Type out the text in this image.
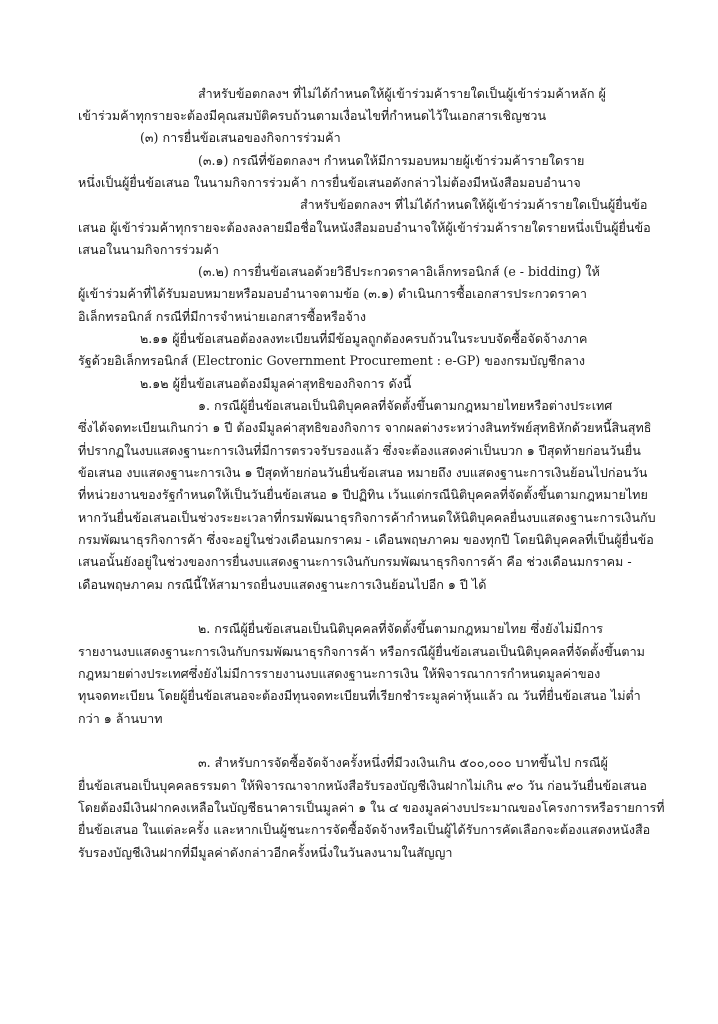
สำหรับข้อตกลงฯ ที่ไม่ได้กำหนดให้ผู้เข้าร่วมค้ารายใดเป็นผู้เข้าร่วมค้าหลัก ผู้
เข้าร่วมค้าทุกรายจะต้องมีคุณสมบัติครบถ้วนตามเงื่อนไขที่กำหนดไว้ในเอกสารเชิญชวน
(๓) การยื่นข้อเสนอของกิจการร่วมค้า
(๓.๑) กรณีที่ข้อตกลงฯ กำหนดให้มีการมอบหมายผู้เข้าร่วมค้ารายใดราย
หนึ่งเป็นผู้ยื่นข้อเสนอ ในนามกิจการร่วมค้า การยื่นข้อเสนอดังกล่าวไม่ต้องมีหนังสือมอบอำนาจ
สำหรับข้อตกลงฯ ที่ไม่ได้กำหนดให้ผู้เข้าร่วมค้ารายใดเป็นผู้ยื่นข้อ
เสนอ ผู้เข้าร่วมค้าทุกรายจะต้องลงลายมือชื่อในหนังสือมอบอำนาจให้ผู้เข้าร่วมค้ารายใดรายหนึ่งเป็นผู้ยื่นข้อ
เสนอในนามกิจการร่วมค้า
(๓.๒) การยื่นข้อเสนอด้วยวิธีประกวดราคาอิเล็กทรอนิกส์ (e - bidding) ให้
ผู้เข้าร่วมค้าที่ได้รับมอบหมายหรือมอบอำนาจตามข้อ (๓.๑) ดำเนินการซื้อเอกสารประกวดราคา
อิเล็กทรอนิกส์ กรณีที่มีการจำหน่ายเอกสารซื้อหรือจ้าง
๒.๑๑ ผู้ยื่นข้อเสนอต้องลงทะเบียนที่มีข้อมูลถูกต้องครบถ้วนในระบบจัดซื้อจัดจ้างภาค
รัฐด้วยอิเล็กทรอนิกส์ (Electronic Government Procurement : e-GP) ของกรมบัญชีกลาง
๒.๑๒ ผู้ยื่นข้อเสนอต้องมีมูลค่าสุทธิของกิจการ ดังนี้
๑. กรณีผู้ยื่นข้อเสนอเป็นนิติบุคคลที่จัดตั้งขึ้นตามกฎหมายไทยหรือต่างประเทศ
ซึ่งได้จดทะเบียนเกินกว่า ๑ ปี ต้องมีมูลค่าสุทธิของกิจการ จากผลต่างระหว่างสินทรัพย์สุทธิหักด้วยหนี้สินสุทธิ
ที่ปรากฏในงบแสดงฐานะการเงินที่มีการตรวจรับรองแล้ว ซึ่งจะต้องแสดงค่าเป็นบวก ๑ ปีสุดท้ายก่อนวันยื่น
ข้อเสนอ งบแสดงฐานะการเงิน ๑ ปีสุดท้ายก่อนวันยื่นข้อเสนอ หมายถึง งบแสดงฐานะการเงินย้อนไปก่อนวัน
ที่หน่วยงานของรัฐกำหนดให้เป็นวันยื่นข้อเสนอ ๑ ปีปฏิทิน เว้นแต่กรณีนิติบุคคลที่จัดตั้งขึ้นตามกฎหมายไทย
หากวันยื่นข้อเสนอเป็นช่วงระยะเวลาที่กรมพัฒนาธุรกิจการค้ากำหนดให้นิติบุคคลยื่นงบแสดงฐานะการเงินกับ
กรมพัฒนาธุรกิจการค้า ซึ่งจะอยู่ในช่วงเดือนมกราคม - เดือนพฤษภาคม ของทุกปี โดยนิติบุคคลที่เป็นผู้ยื่นข้อ
เสนอนั้นยังอยู่ในช่วงของการยื่นงบแสดงฐานะการเงินกับกรมพัฒนาธุรกิจการค้า คือ ช่วงเดือนมกราคม -
เดือนพฤษภาคม กรณีนี้ให้สามารถยื่นงบแสดงฐานะการเงินย้อนไปอีก ๑ ปี ได้
๒. กรณีผู้ยื่นข้อเสนอเป็นนิติบุคคลที่จัดตั้งขึ้นตามกฎหมายไทย ซึ่งยังไม่มีการ
รายงานงบแสดงฐานะการเงินกับกรมพัฒนาธุรกิจการค้า หรือกรณีผู้ยื่นข้อเสนอเป็นนิติบุคคลที่จัดตั้งขึ้นตาม
กฎหมายต่างประเทศซึ่งยังไม่มีการรายงานงบแสดงฐานะการเงิน ให้พิจารณาการกำหนดมูลค่าของ
ทุนจดทะเบียน โดยผู้ยื่นข้อเสนอจะต้องมีทุนจดทะเบียนที่เรียกชำระมูลค่าหุ้นแล้ว ณ วันที่ยื่นข้อเสนอ ไม่ต่ำ
กว่า ๑ ล้านบาท
๓. สำหรับการจัดซื้อจัดจ้างครั้งหนึ่งที่มีวงเงินเกิน ๕๐๐,๐๐๐ บาทขึ้นไป กรณีผู้
ยื่นข้อเสนอเป็นบุคคลธรรมดา ให้พิจารณาจากหนังสือรับรองบัญชีเงินฝากไม่เกิน ๙๐ วัน ก่อนวันยื่นข้อเสนอ
โดยต้องมีเงินฝากคงเหลือในบัญชีธนาคารเป็นมูลค่า ๑ ใน ๔ ของมูลค่างบประมาณของโครงการหรือรายการที่
ยื่นข้อเสนอ ในแต่ละครั้ง และหากเป็นผู้ชนะการจัดซื้อจัดจ้างหรือเป็นผู้ได้รับการคัดเลือกจะต้องแสดงหนังสือ
รับรองบัญชีเงินฝากที่มีมูลค่าดังกล่าวอีกครั้งหนึ่งในวันลงนามในสัญญา
